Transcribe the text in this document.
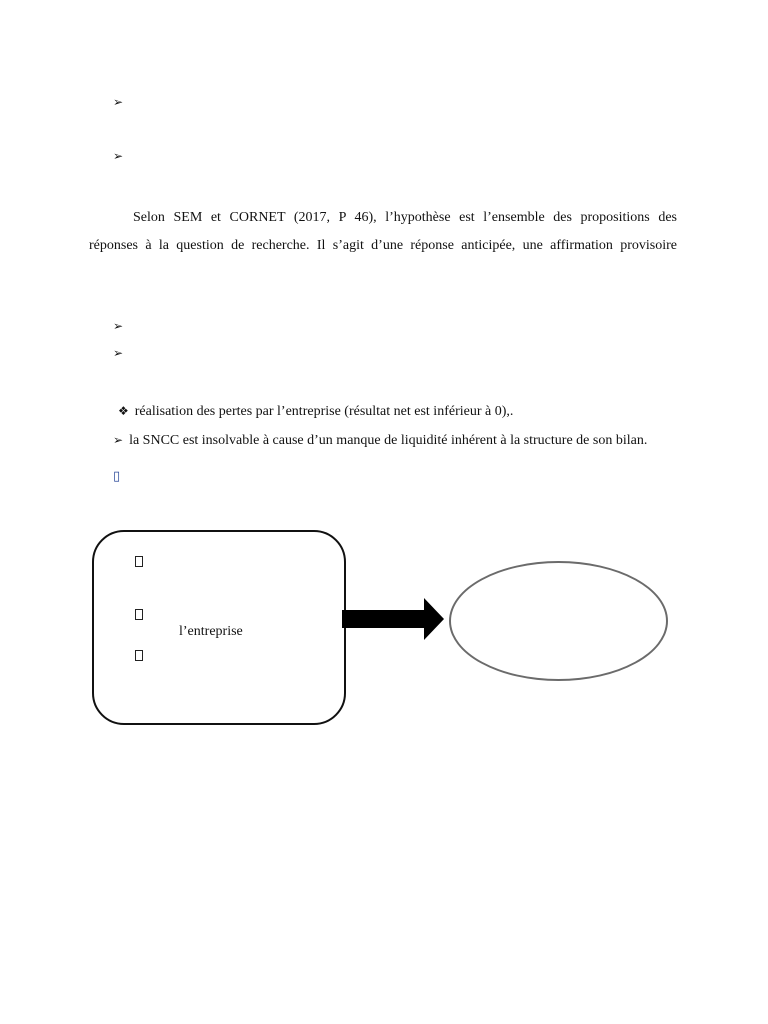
➢
➢
Selon SEM et CORNET (2017, P 46), l’hypothèse est l’ensemble des propositions des
réponses à la question de recherche. Il s’agit d’une réponse anticipée, une affirmation provisoire
➢
➢
❖ réalisation des pertes par l’entreprise (résultat net est inférieur à 0),.
➢ la SNCC est insolvable à cause d’un manque de liquidité inhérent à la structure de son bilan.
▯
l’entreprise
